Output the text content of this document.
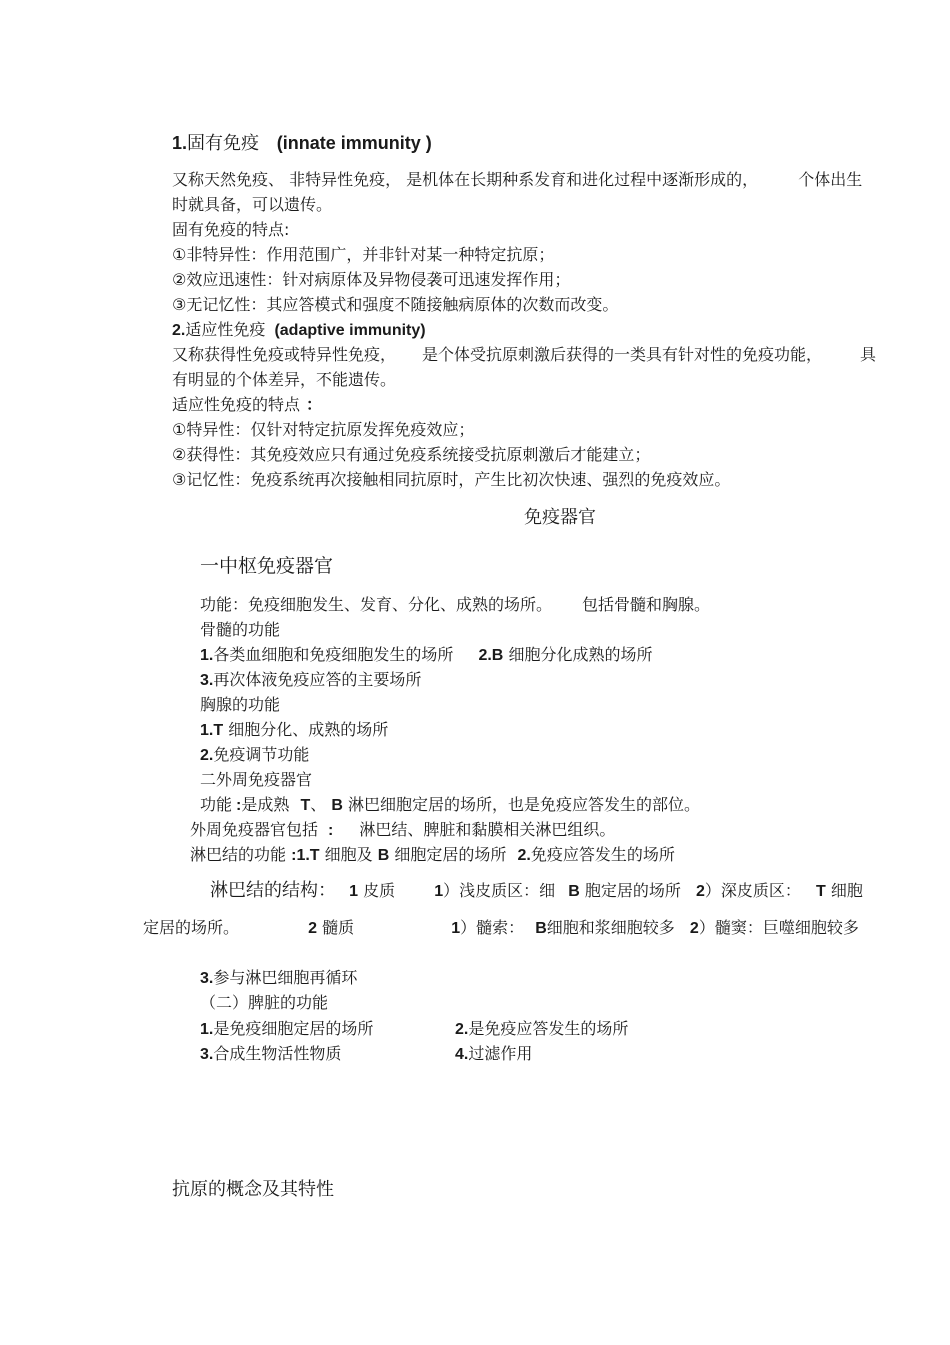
1.固有免疫 (innate immunity )
又称天然免疫、 非特异性免疫， 是机体在长期种系发育和进化过程中逐渐形成的，	个体出生
时就具备，可以遗传。
固有免疫的特点:
①非特异性：作用范围广，并非针对某一种特定抗原；
②效应迅速性：针对病原体及异物侵袭可迅速发挥作用；
③无记忆性：其应答模式和强度不随接触病原体的次数而改变。
2.适应性免疫 (adaptive immunity)
又称获得性免疫或特异性免疫， 是个体受抗原刺激后获得的一类具有针对性的免疫功能， 具
有明显的个体差异，不能遗传。
适应性免疫的特点 ：
①特异性：仅针对特定抗原发挥免疫效应；
②获得性：其免疫效应只有通过免疫系统接受抗原刺激后才能建立；
③记忆性：免疫系统再次接触相同抗原时，产生比初次快速、强烈的免疫效应。
免疫器官
一中枢免疫器官
功能：免疫细胞发生、发育、分化、成熟的场所。 包括骨髓和胸腺。
骨髓的功能
1.各类血细胞和免疫细胞发生的场所 2.B 细胞分化成熟的场所
3.再次体液免疫应答的主要场所
胸腺的功能
1.T 细胞分化、成熟的场所
2.免疫调节功能
二外周免疫器官
功能 :是成熟 T、 B 淋巴细胞定居的场所，也是免疫应答发生的部位。
外周免疫器官包括 : 淋巴结、脾脏和黏膜相关淋巴组织。
淋巴结的功能 :1.T 细胞及 B 细胞定居的场所 2.免疫应答发生的场所
淋巴结的结构： 1 皮质 1）浅皮质区：细 B 胞定居的场所 2）深皮质区： T 细胞
定居的场所。	2 髓质	1）髓索： B细胞和浆细胞较多 2）髓窦：巨噬细胞较多
3.参与淋巴细胞再循环
（二）脾脏的功能
1.是免疫细胞定居的场所	2.是免疫应答发生的场所
3.合成生物活性物质	4.过滤作用
抗原的概念及其特性
